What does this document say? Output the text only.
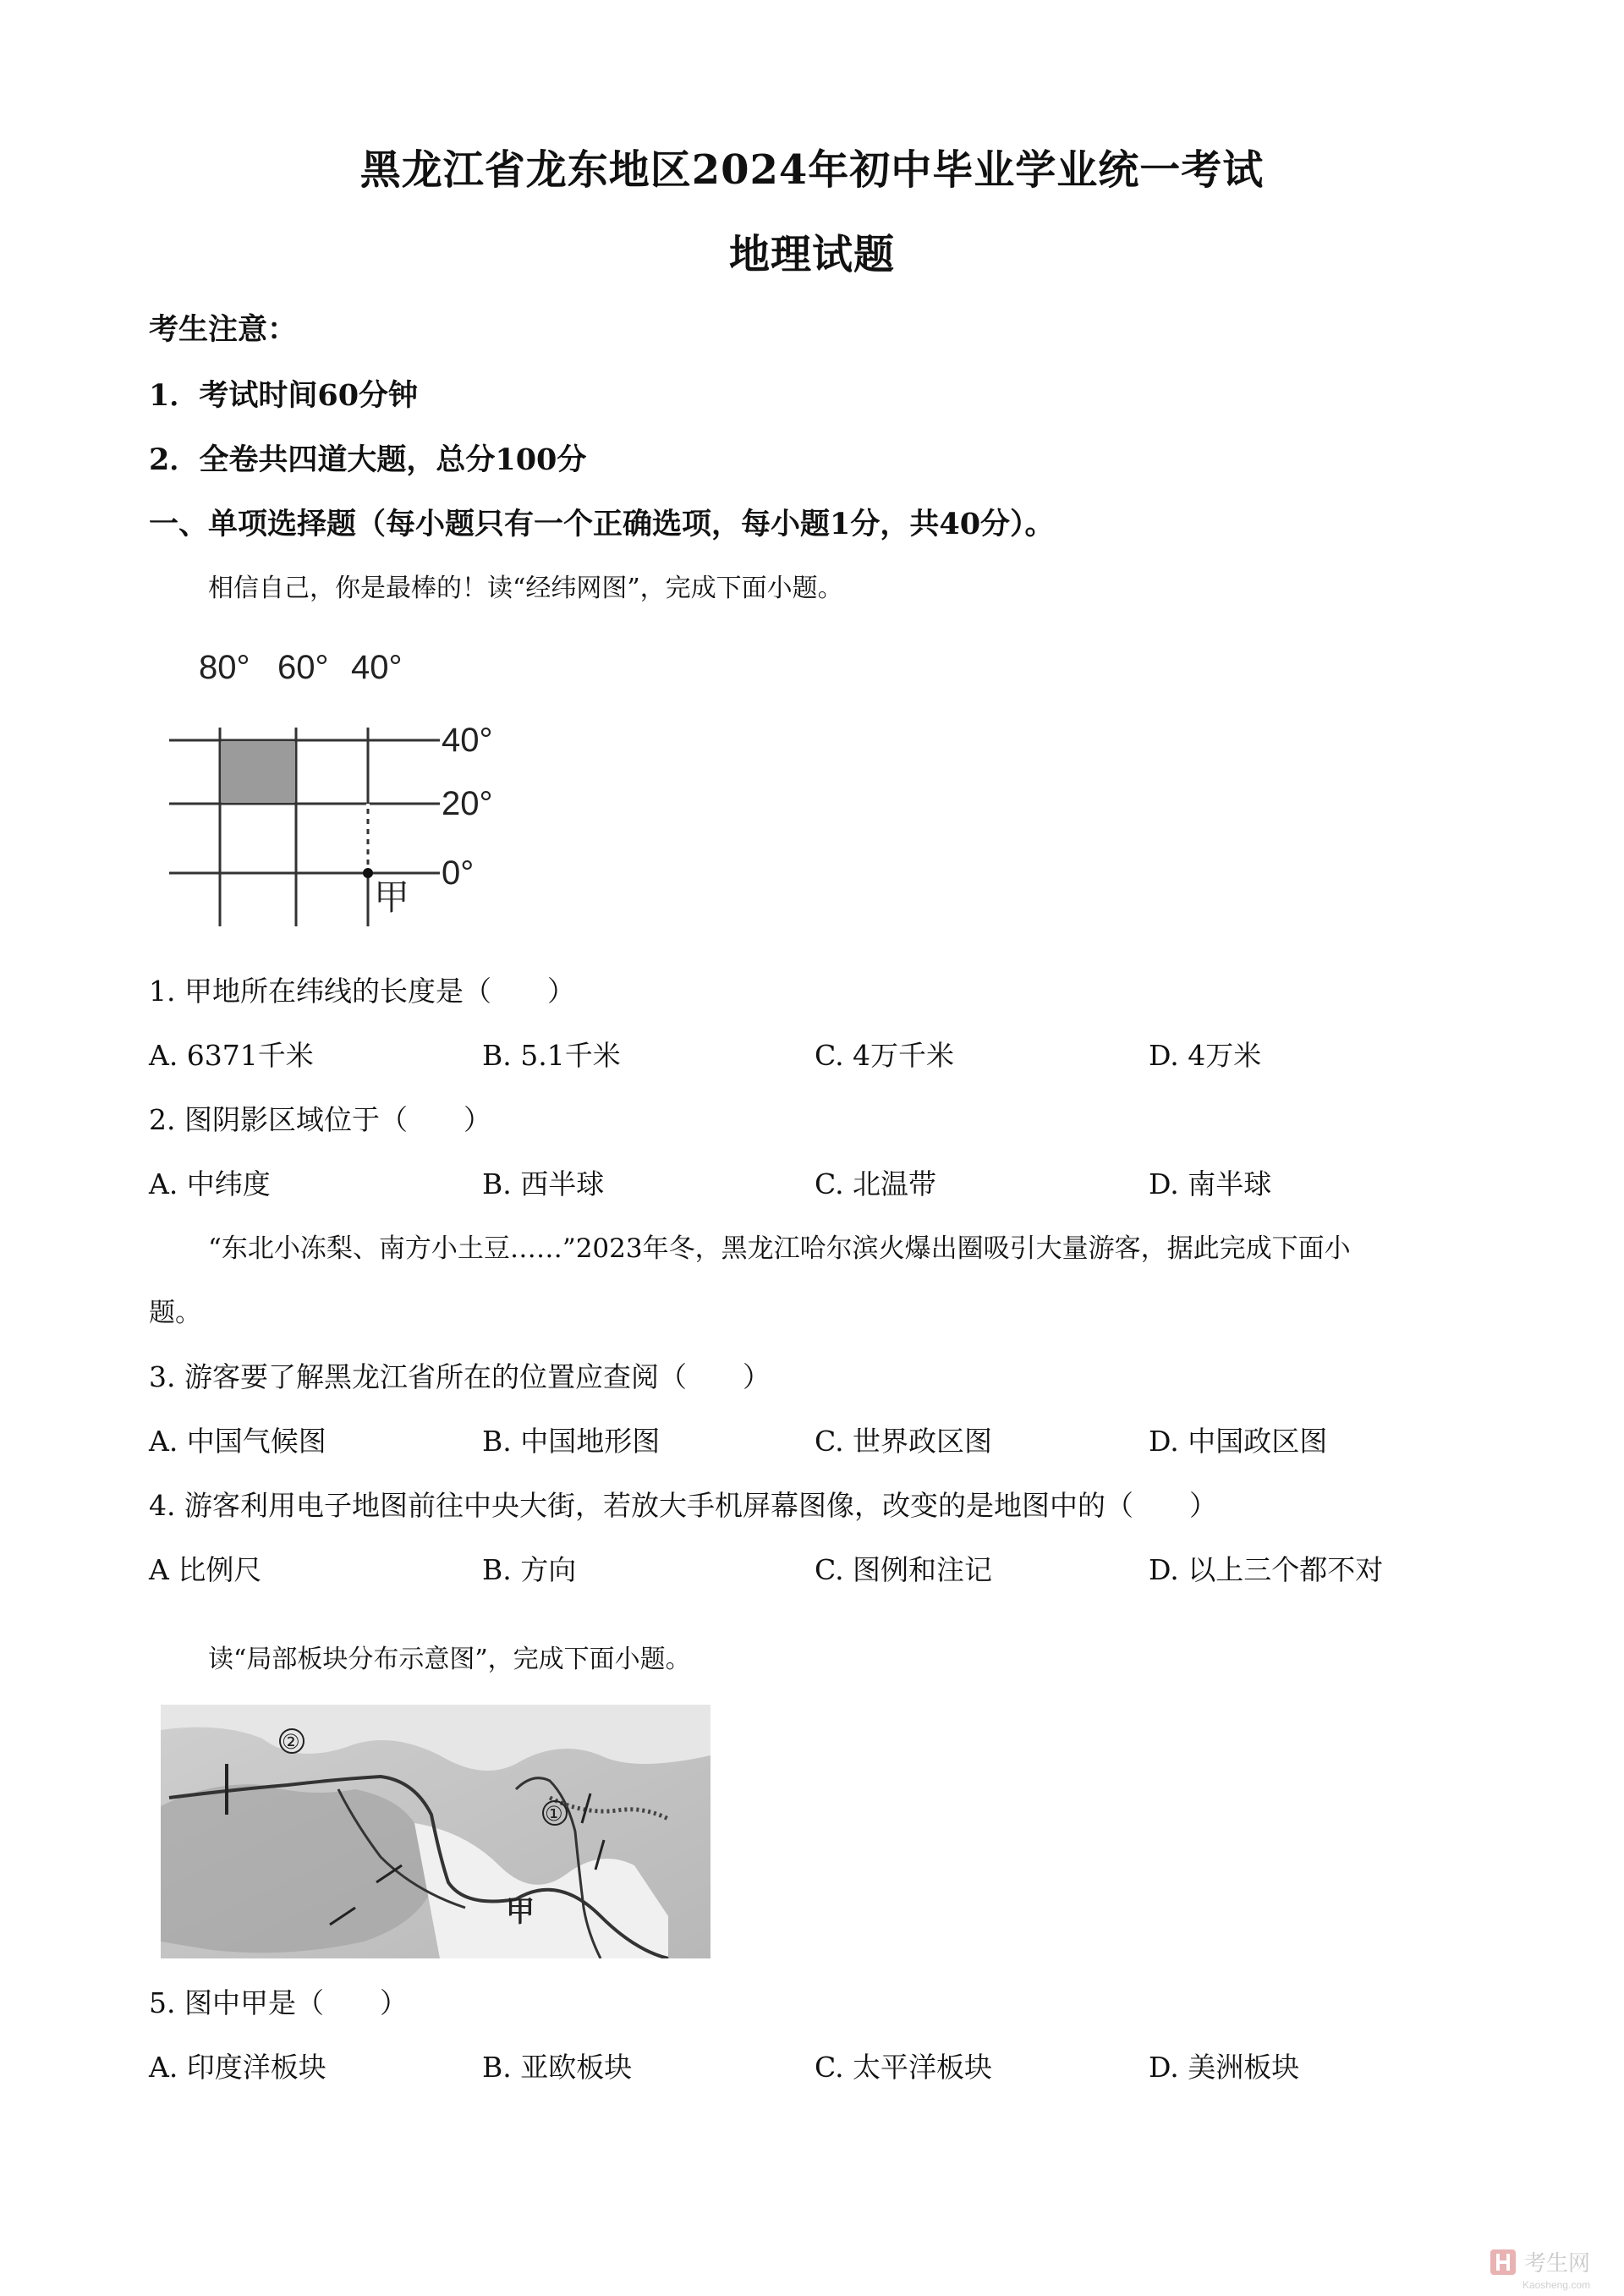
黑龙江省龙东地区2024年初中毕业学业统一考试
地理试题
考生注意：
1．考试时间60分钟
2．全卷共四道大题，总分100分
一、单项选择题（每小题只有一个正确选项，每小题1分，共40分）。
相信自己，你是最棒的！读“经纬网图”，完成下面小题。
80° 60° 40°
40°
20°
0°
甲
1. 甲地所在纬线的长度是（　　）
A. 6371千米	B. 5.1千米	C. 4万千米	D. 4万米
2. 图阴影区域位于（　　）
A. 中纬度	B. 西半球	C. 北温带	D. 南半球
“东北小冻梨、南方小土豆……”2023年冬，黑龙江哈尔滨火爆出圈吸引大量游客，据此完成下面小
题。
3. 游客要了解黑龙江省所在的位置应查阅（　　）
A. 中国气候图	B. 中国地形图	C. 世界政区图	D. 中国政区图
4. 游客利用电子地图前往中央大街，若放大手机屏幕图像，改变的是地图中的（　　）
A 比例尺	B. 方向	C. 图例和注记	D. 以上三个都不对
读“局部板块分布示意图”，完成下面小题。
②
①
甲
5. 图中甲是（　　）
A. 印度洋板块	B. 亚欧板块	C. 太平洋板块	D. 美洲板块
考生网
Kaosheng.com
